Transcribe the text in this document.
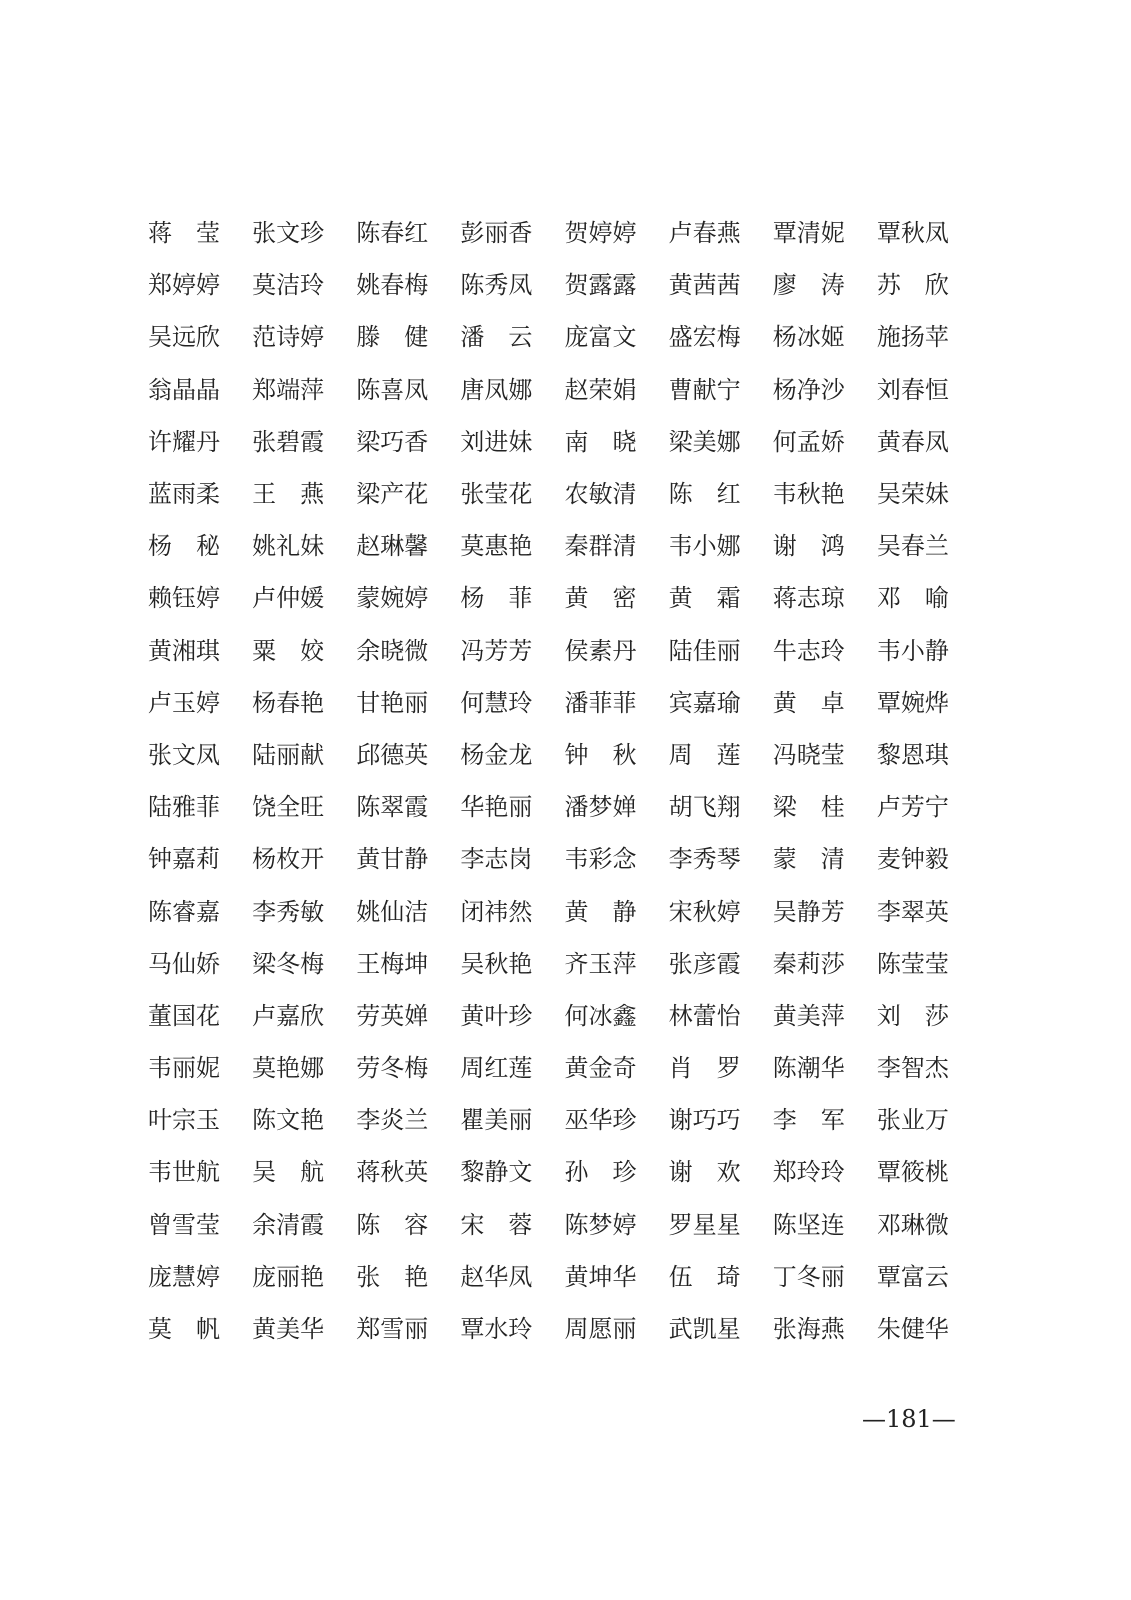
蒋　莹	张文珍	陈春红	彭丽香	贺婷婷	卢春燕	覃清妮	覃秋凤
郑婷婷	莫洁玲	姚春梅	陈秀凤	贺露露	黄茜茜	廖　涛	苏　欣
吴远欣	范诗婷	滕　健	潘　云	庞富文	盛宏梅	杨冰姬	施扬苹
翁晶晶	郑端萍	陈喜凤	唐凤娜	赵荣娟	曹献宁	杨净沙	刘春恒
许耀丹	张碧霞	梁巧香	刘进妹	南　晓	梁美娜	何孟娇	黄春凤
蓝雨柔	王　燕	梁产花	张莹花	农敏清	陈　红	韦秋艳	吴荣妹
杨　秘	姚礼妹	赵琳馨	莫惠艳	秦群清	韦小娜	谢　鸿	吴春兰
赖钰婷	卢仲媛	蒙婉婷	杨　菲	黄　密	黄　霜	蒋志琼	邓　喻
黄湘琪	粟　姣	余晓微	冯芳芳	侯素丹	陆佳丽	牛志玲	韦小静
卢玉婷	杨春艳	甘艳丽	何慧玲	潘菲菲	宾嘉瑜	黄　卓	覃婉烨
张文凤	陆丽献	邱德英	杨金龙	钟　秋	周　莲	冯晓莹	黎恩琪
陆雅菲	饶全旺	陈翠霞	华艳丽	潘梦婵	胡飞翔	梁　桂	卢芳宁
钟嘉莉	杨枚开	黄甘静	李志岗	韦彩念	李秀琴	蒙　清	麦钟毅
陈睿嘉	李秀敏	姚仙洁	闭祎然	黄　静	宋秋婷	吴静芳	李翠英
马仙娇	梁冬梅	王梅坤	吴秋艳	齐玉萍	张彦霞	秦莉莎	陈莹莹
董国花	卢嘉欣	劳英婵	黄叶珍	何冰鑫	林蕾怡	黄美萍	刘　莎
韦丽妮	莫艳娜	劳冬梅	周红莲	黄金奇	肖　罗	陈潮华	李智杰
叶宗玉	陈文艳	李炎兰	瞿美丽	巫华珍	谢巧巧	李　军	张业万
韦世航	吴　航	蒋秋英	黎静文	孙　珍	谢　欢	郑玲玲	覃筱桃
曾雪莹	余清霞	陈　容	宋　蓉	陈梦婷	罗星星	陈坚连	邓琳微
庞慧婷	庞丽艳	张　艳	赵华凤	黄坤华	伍　琦	丁冬丽	覃富云
莫　帆	黄美华	郑雪丽	覃水玲	周愿丽	武凯星	张海燕	朱健华
—181—
